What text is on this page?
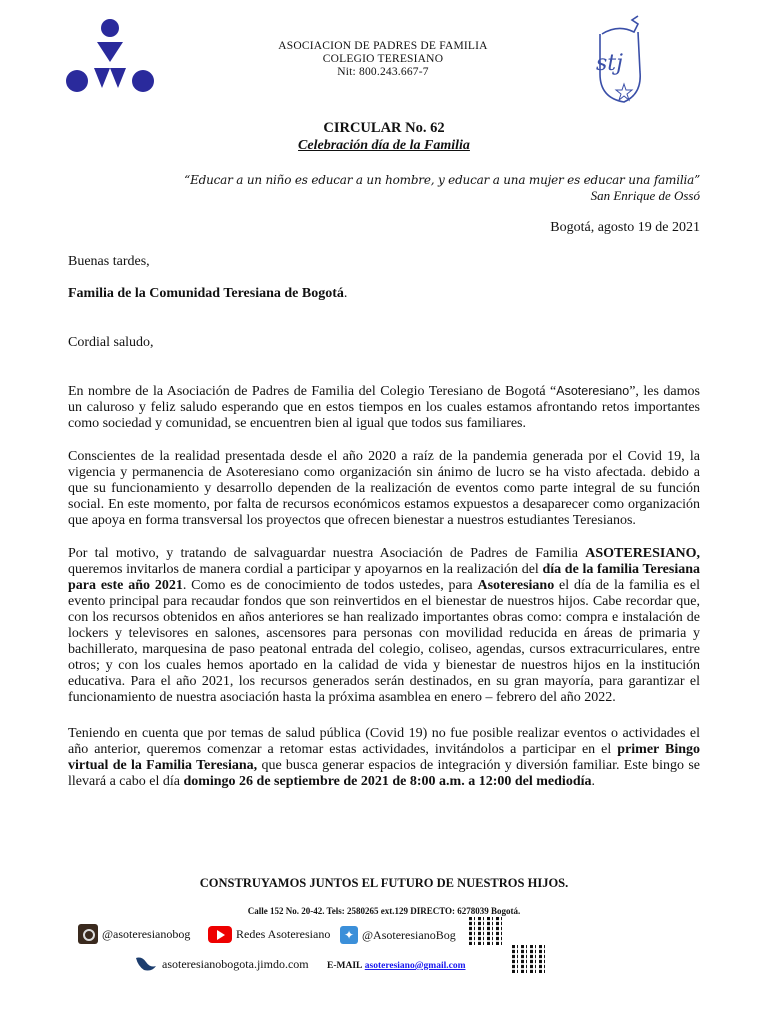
ASOCIACION DE PADRES DE FAMILIA
COLEGIO TERESIANO
Nit: 800.243.667-7	stj
CIRCULAR No. 62
Celebración día de la Familia
“Educar a un niño es educar a un hombre, y educar a una mujer es educar una familia”
San Enrique de Ossó
Bogotá, agosto 19 de 2021
Buenas tardes,
Familia de la Comunidad Teresiana de Bogotá.
Cordial saludo,
En nombre de la Asociación de Padres de Familia del Colegio Teresiano de Bogotá “Asoteresiano”, les damos un caluroso y feliz saludo esperando que en estos tiempos en los cuales estamos afrontando retos importantes como sociedad y comunidad, se encuentren bien al igual que todos sus familiares.
Conscientes de la realidad presentada desde el año 2020 a raíz de la pandemia generada por el Covid 19, la vigencia y permanencia de Asoteresiano como organización sin ánimo de lucro se ha visto afectada. debido a que su funcionamiento y desarrollo dependen de la realización de eventos como parte integral de su función social. En este momento, por falta de recursos económicos estamos expuestos a desaparecer como organización que apoya en forma transversal los proyectos que ofrecen bienestar a nuestros estudiantes Teresianos.
Por tal motivo, y tratando de salvaguardar nuestra Asociación de Padres de Familia ASOTERESIANO, queremos invitarlos de manera cordial a participar y apoyarnos en la realización del día de la familia Teresiana para este año 2021. Como es de conocimiento de todos ustedes, para Asoteresiano el día de la familia es el evento principal para recaudar fondos que son reinvertidos en el bienestar de nuestros hijos. Cabe recordar que, con los recursos obtenidos en años anteriores se han realizado importantes obras como: compra e instalación de lockers y televisores en salones, ascensores para personas con movilidad reducida en áreas de primaria y bachillerato, marquesina de paso peatonal entrada del colegio, coliseo, agendas, cursos extracurriculares, entre otros; y con los cuales hemos aportado en la calidad de vida y bienestar de nuestros hijos en la institución educativa. Para el año 2021, los recursos generados serán destinados, en su gran mayoría, para garantizar el funcionamiento de nuestra asociación hasta la próxima asamblea en enero – febrero del año 2022.
Teniendo en cuenta que por temas de salud pública (Covid 19) no fue posible realizar eventos o actividades el año anterior, queremos comenzar a retomar estas actividades, invitándolos a participar en el primer Bingo virtual de la Familia Teresiana, que busca generar espacios de integración y diversión familiar. Este bingo se llevará a cabo el día domingo 26 de septiembre de 2021 de 8:00 a.m. a 12:00 del mediodía.
CONSTRUYAMOS JUNTOS EL FUTURO DE NUESTROS HIJOS.
Calle 152 No. 20-42. Tels: 2580265 ext.129 DIRECTO: 6278039 Bogotá.
@asoteresianobog	Redes Asoteresiano	✦ @AsoteresianoBog
asoteresianobogota.jimdo.com E-MAIL asoteresiano@gmail.com
